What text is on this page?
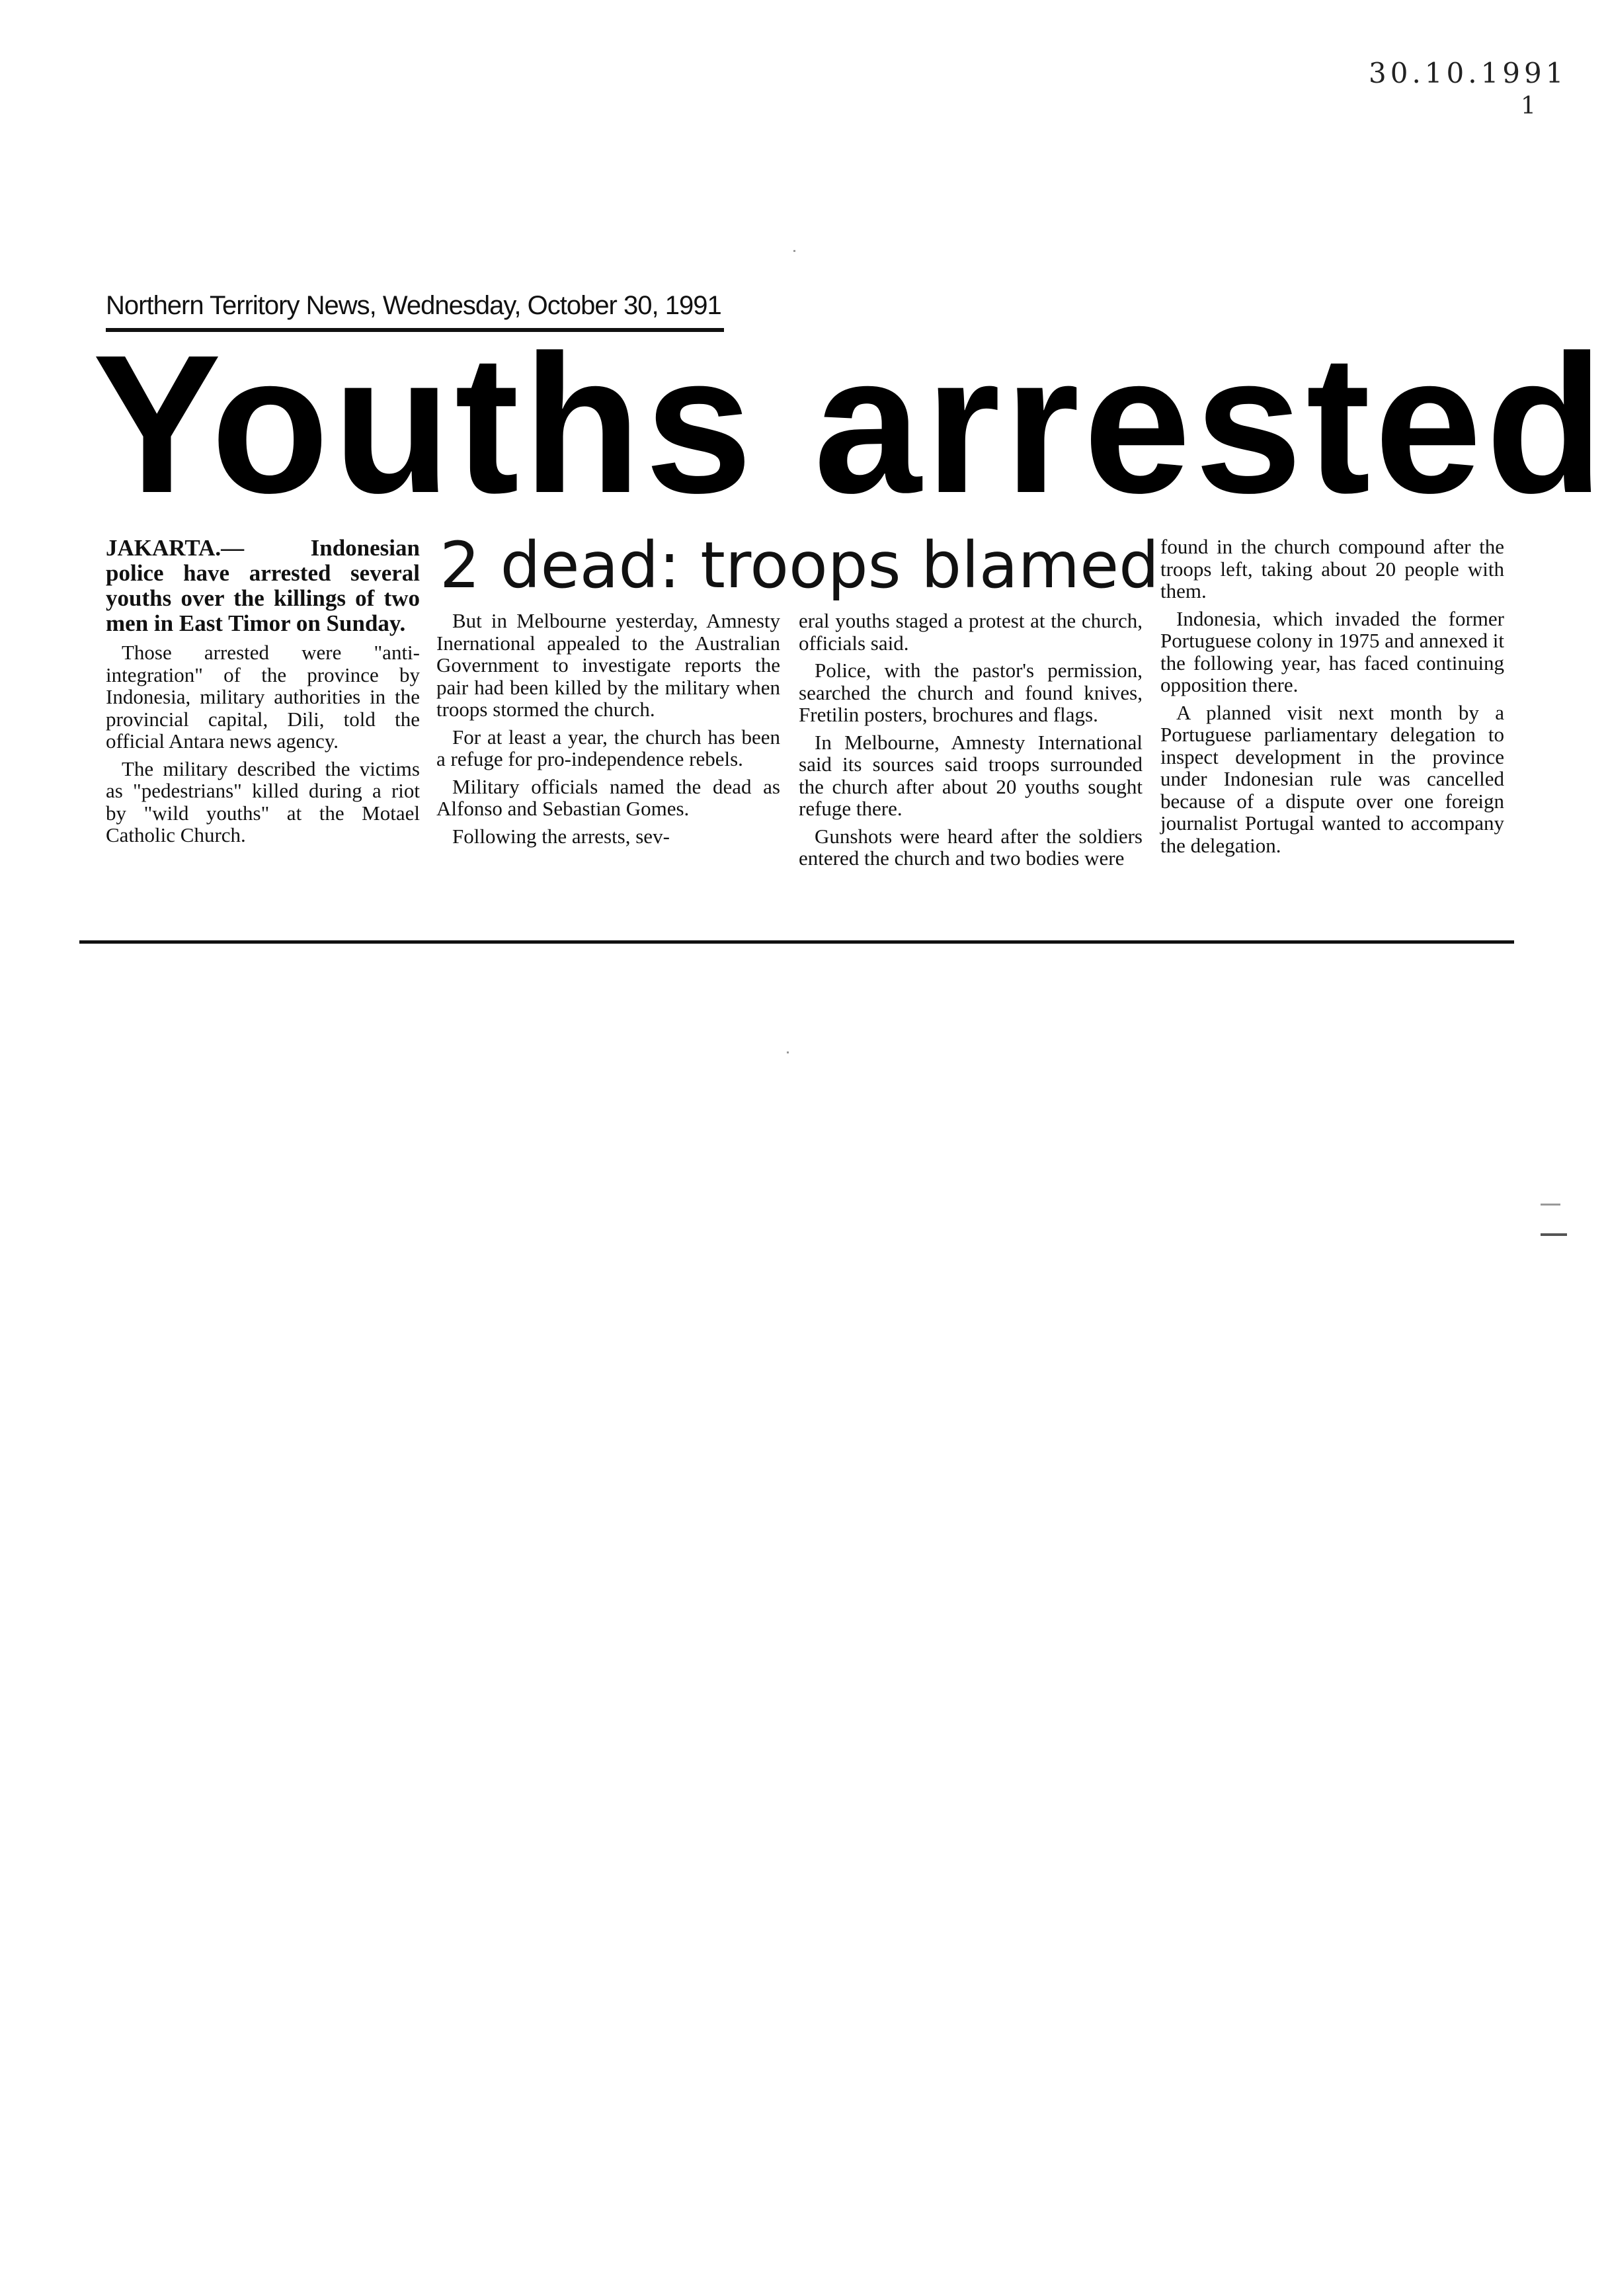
30.10.1991
1
Northern Territory News, Wednesday, October 30, 1991
Youths arrested
2 dead: troops blamed

JAKARTA.— Indonesian police have arrested several youths over the killings of two men in East Timor on Sunday.

Those arrested were "anti-integration" of the province by Indonesia, military authorities in the provincial capital, Dili, told the official Antara news agency.

The military described the victims as "pedestrians" killed during a riot by "wild youths" at the Motael Catholic Church.

But in Melbourne yesterday, Amnesty Inernational appealed to the Australian Government to investigate reports the pair had been killed by the military when troops stormed the church.

For at least a year, the church has been a refuge for pro-independence rebels.

Military officials named the dead as Alfonso and Sebastian Gomes.

Following the arrests, sev-

eral youths staged a protest at the church, officials said.

Police, with the pastor's permission, searched the church and found knives, Fretilin posters, brochures and flags.

In Melbourne, Amnesty International said its sources said troops surrounded the church after about 20 youths sought refuge there.

Gunshots were heard after the soldiers entered the church and two bodies were

found in the church compound after the troops left, taking about 20 people with them.

Indonesia, which invaded the former Portuguese colony in 1975 and annexed it the following year, has faced continuing opposition there.

A planned visit next month by a Portuguese parliamentary delegation to inspect development in the province under Indonesian rule was cancelled because of a dispute over one foreign journalist Portugal wanted to accompany the delegation.
